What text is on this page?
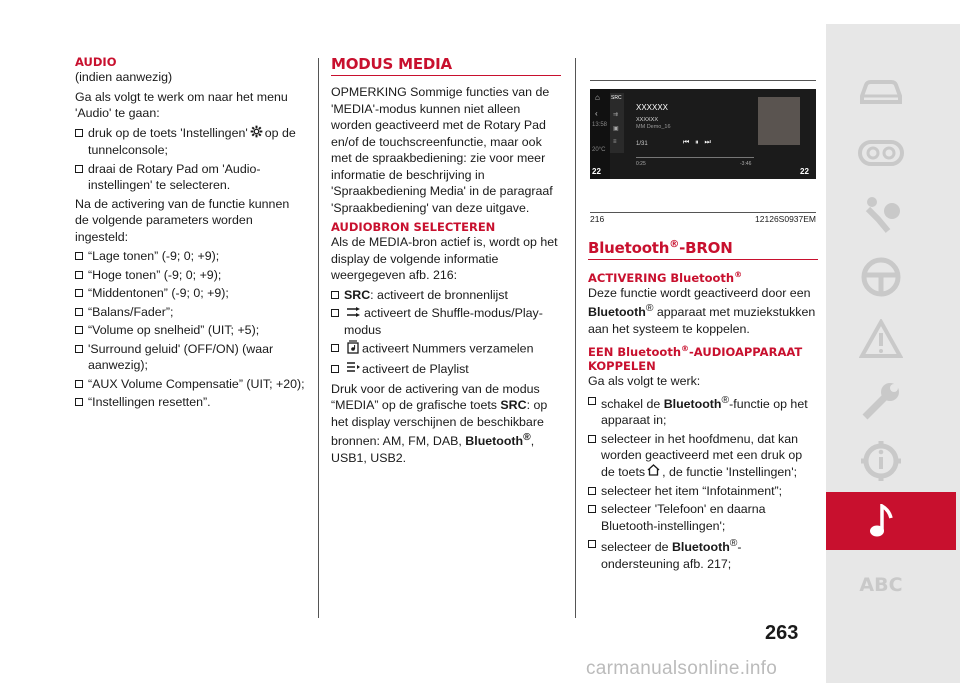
AUDIO

(indien aanwezig)

Ga als volgt te werk om naar het menu 'Audio' te gaan:

druk op de toets 'Instellingen' op de tunnelconsole;
draai de Rotary Pad om 'Audio-instellingen' te selecteren.

Na de activering van de functie kunnen de volgende parameters worden ingesteld:

“Lage tonen” (-9; 0; +9);
“Hoge tonen” (-9; 0; +9);
“Middentonen” (-9; 0; +9);
“Balans/Fader”;
“Volume op snelheid” (UIT; +5);
'Surround geluid' (OFF/ON) (waar aanwezig);
“AUX Volume Compensatie” (UIT; +20);
“Instellingen resetten”.
MODUS MEDIA

OPMERKING Sommige functies van de 'MEDIA'-modus kunnen niet alleen worden geactiveerd met de Rotary Pad en/of de touchscreenfunctie, maar ook met de spraakbediening: zie voor meer informatie de beschrijving in 'Spraakbediening Media' in de paragraaf 'Spraakbediening' van deze uitgave.

AUDIOBRON SELECTEREN

Als de MEDIA-bron actief is, wordt op het display de volgende informatie weergegeven afb. 216:

SRC: activeert de bronnenlijst
activeert de Shuffle-modus/Play-modus
activeert Nummers verzamelen
activeert de Playlist

Druk voor de activering van de modus “MEDIA” op de grafische toets SRC: op het display verschijnen de beschikbare bronnen: AM, FM, DAB, Bluetooth®, USB1, USB2.

⌂
‹
13:58
20°C
22
SRC
⇉
▣
≡
XXXXXX
XXXXXX
MM Demo_16
1/31	⏮   ⏸   ⏭
0:25	-3:46
22
216	12126S0937EM
Bluetooth®-BRON
ACTIVERING Bluetooth®

Deze functie wordt geactiveerd door een Bluetooth® apparaat met muziekstukken aan het systeem te koppelen.

EEN Bluetooth®-AUDIOAPPARAAT KOPPELEN

Ga als volgt te werk:

schakel de Bluetooth®-functie op het apparaat in;
selecteer in het hoofdmenu, dat kan worden geactiveerd met een druk op de toets , de functie 'Instellingen';
selecteer het item “Infotainment”;
selecteer 'Telefoon' en daarna Bluetooth-instellingen';
selecteer de Bluetooth®-ondersteuning afb. 217;
ABC
263
carmanualsonline.info
